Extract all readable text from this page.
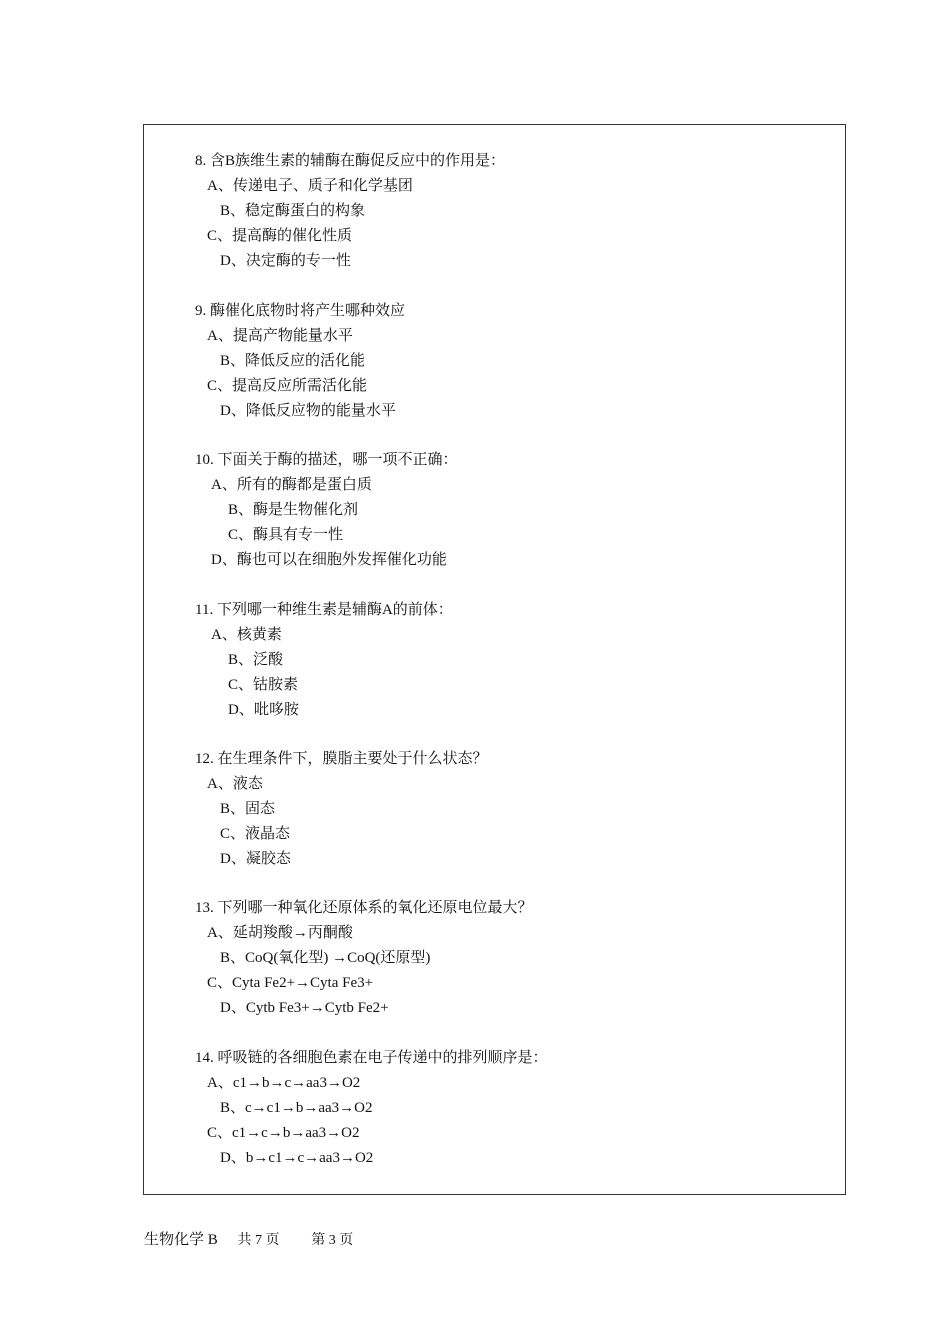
8. 含B族维生素的辅酶在酶促反应中的作用是：
A、传递电子、质子和化学基团
B、稳定酶蛋白的构象
C、提高酶的催化性质
D、决定酶的专一性
9. 酶催化底物时将产生哪种效应
A、提高产物能量水平
B、降低反应的活化能
C、提高反应所需活化能
D、降低反应物的能量水平
10. 下面关于酶的描述，哪一项不正确：
A、所有的酶都是蛋白质
B、酶是生物催化剂
C、酶具有专一性
D、酶也可以在细胞外发挥催化功能
11. 下列哪一种维生素是辅酶A的前体：
A、核黄素
B、泛酸
C、钴胺素
D、吡哆胺
12. 在生理条件下，膜脂主要处于什么状态？
A、液态
B、固态
C、液晶态
D、凝胶态
13. 下列哪一种氧化还原体系的氧化还原电位最大？
A、延胡羧酸→丙酮酸
B、CoQ(氧化型) →CoQ(还原型)
C、Cyta Fe2+→Cyta Fe3+
D、Cytb Fe3+→Cytb Fe2+
14. 呼吸链的各细胞色素在电子传递中的排列顺序是：
A、c1→b→c→aa3→O2
B、c→c1→b→aa3→O2
C、c1→c→b→aa3→O2
D、b→c1→c→aa3→O2
生物化学 B 共 7 页 第 3 页
